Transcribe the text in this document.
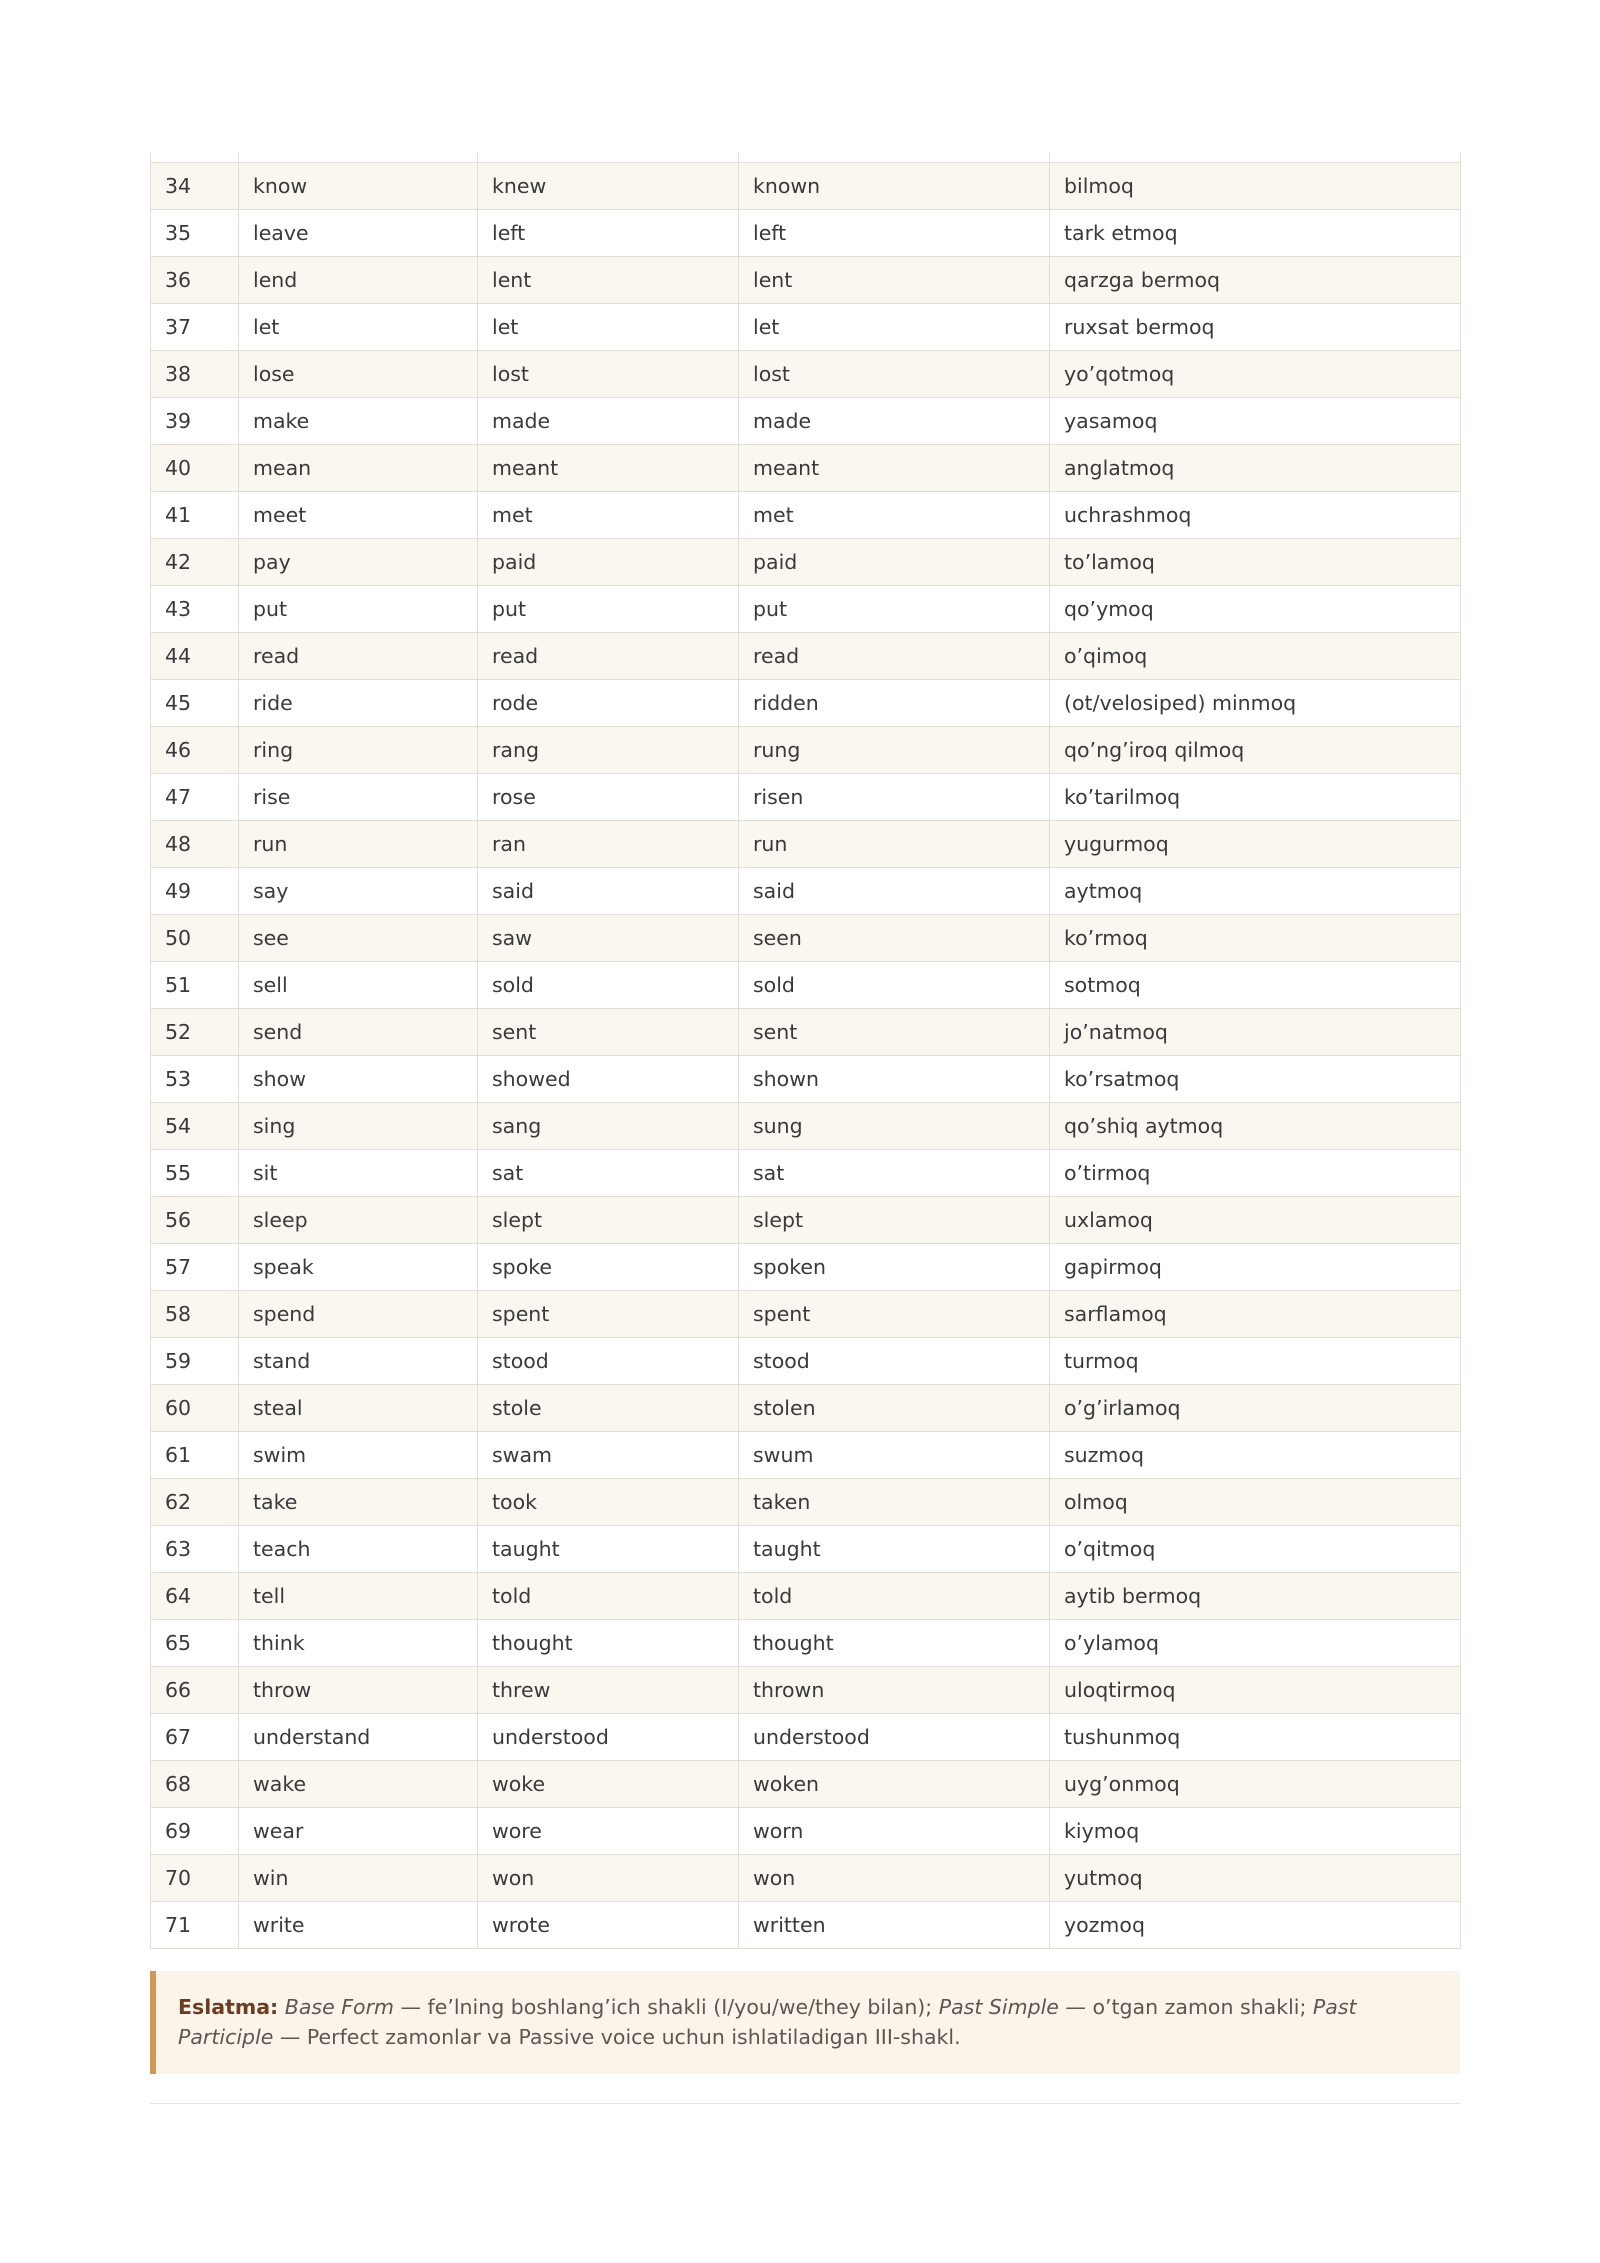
34	know	knew	known	bilmoq
35	leave	left	left	tark etmoq
36	lend	lent	lent	qarzga bermoq
37	let	let	let	ruxsat bermoq
38	lose	lost	lost	yo’qotmoq
39	make	made	made	yasamoq
40	mean	meant	meant	anglatmoq
41	meet	met	met	uchrashmoq
42	pay	paid	paid	to’lamoq
43	put	put	put	qo’ymoq
44	read	read	read	o’qimoq
45	ride	rode	ridden	(ot/velosiped) minmoq
46	ring	rang	rung	qo’ng’iroq qilmoq
47	rise	rose	risen	ko’tarilmoq
48	run	ran	run	yugurmoq
49	say	said	said	aytmoq
50	see	saw	seen	ko’rmoq
51	sell	sold	sold	sotmoq
52	send	sent	sent	jo’natmoq
53	show	showed	shown	ko’rsatmoq
54	sing	sang	sung	qo’shiq aytmoq
55	sit	sat	sat	o’tirmoq
56	sleep	slept	slept	uxlamoq
57	speak	spoke	spoken	gapirmoq
58	spend	spent	spent	sarflamoq
59	stand	stood	stood	turmoq
60	steal	stole	stolen	o’g’irlamoq
61	swim	swam	swum	suzmoq
62	take	took	taken	olmoq
63	teach	taught	taught	o’qitmoq
64	tell	told	told	aytib bermoq
65	think	thought	thought	o’ylamoq
66	throw	threw	thrown	uloqtirmoq
67	understand	understood	understood	tushunmoq
68	wake	woke	woken	uyg’onmoq
69	wear	wore	worn	kiymoq
70	win	won	won	yutmoq
71	write	wrote	written	yozmoq
Eslatma: Base Form — fe’lning boshlang’ich shakli (I/you/we/they bilan); Past Simple — o’tgan zamon shakli; Past Participle — Perfect zamonlar va Passive voice uchun ishlatiladigan III-shakl.
